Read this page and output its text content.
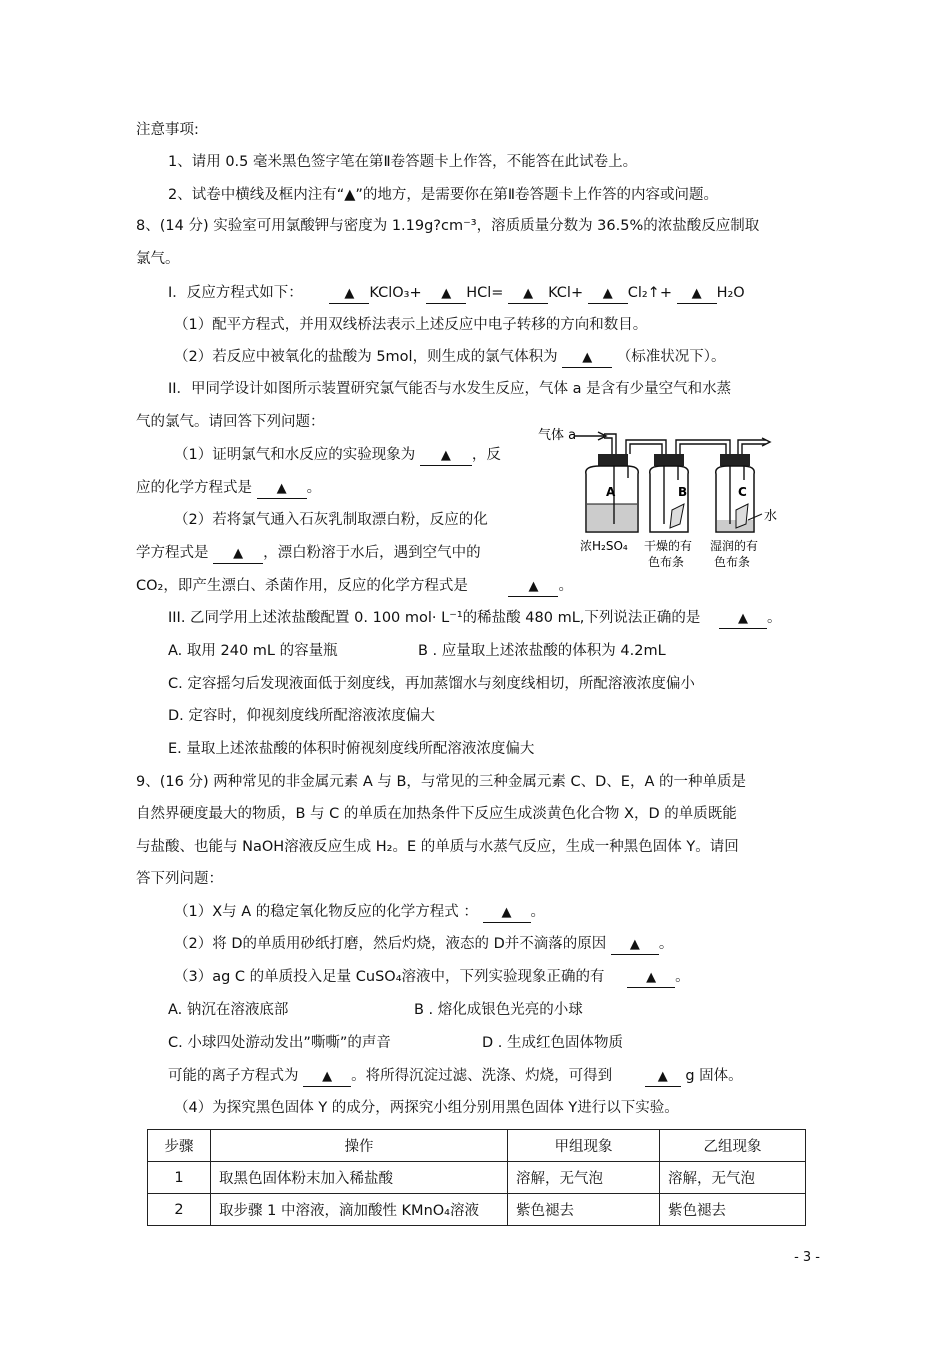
注意事项:
1、请用 0.5 毫米黑色签字笔在第Ⅱ卷答题卡上作答，不能答在此试卷上。
2、试卷中横线及框内注有“▲”的地方，是需要你在第Ⅱ卷答题卡上作答的内容或问题。
8、(14 分) 实验室可用氯酸钾与密度为 1.19g?cm⁻³，溶质质量分数为 36.5%的浓盐酸反应制取
氯气。
I．反应方程式如下：	▲ KClO₃+ ▲ HCl= ▲ KCl+ ▲ Cl₂↑+ ▲ H₂O
（1）配平方程式，并用双线桥法表示上述反应中电子转移的方向和数目。
（2）若反应中被氧化的盐酸为 5mol，则生成的氯气体积为 ▲ （标准状况下）。
II．甲同学设计如图所示装置研究氯气能否与水发生反应，气体 a 是含有少量空气和水蒸
气的氯气。请回答下列问题：
（1）证明氯气和水反应的实验现象为 ▲ ，反
应的化学方程式是 ▲ 。
（2）若将氯气通入石灰乳制取漂白粉，反应的化
学方程式是 ▲ ，漂白粉溶于水后，遇到空气中的
CO₂，即产生漂白、杀菌作用，反应的化学方程式是	▲ 。
气体 a
A	B	C
水
浓H₂SO₄ 干燥的有
色布条
湿润的有
色布条
III. 乙同学用上述浓盐酸配置 0. 100 mol· L⁻¹的稀盐酸 480 mL,下列说法正确的是	▲ 。
A. 取用 240 mL 的容量瓶	B . 应量取上述浓盐酸的体积为 4.2mL
C. 定容摇匀后发现液面低于刻度线，再加蒸馏水与刻度线相切，所配溶液浓度偏小
D. 定容时，仰视刻度线所配溶液浓度偏大
E. 量取上述浓盐酸的体积时俯视刻度线所配溶液浓度偏大
9、(16 分) 两种常见的非金属元素 A 与 B，与常见的三种金属元素 C、D、E，A 的一种单质是
自然界硬度最大的物质，B 与 C 的单质在加热条件下反应生成淡黄色化合物 X，D 的单质既能
与盐酸、也能与 NaOH溶液反应生成 H₂。E 的单质与水蒸气反应，生成一种黑色固体 Y。请回
答下列问题：
（1）X与 A 的稳定氧化物反应的化学方程式 ： ▲ 。
（2）将 D的单质用砂纸打磨，然后灼烧，液态的 D并不滴落的原因 ▲ 。
（3）ag C 的单质投入足量 CuSO₄溶液中，下列实验现象正确的有	▲ 。
A. 钠沉在溶液底部	B . 熔化成银色光亮的小球
C. 小球四处游动发出”嘶嘶”的声音	D . 生成红色固体物质
可能的离子方程式为 ▲ 。将所得沉淀过滤、洗涤、灼烧，可得到	▲ g 固体。
（4）为探究黑色固体 Y 的成分，两探究小组分别用黑色固体 Y进行以下实验。
步骤	操作	甲组现象	乙组现象
1	取黑色固体粉末加入稀盐酸	溶解，无气泡	溶解，无气泡
2	取步骤 1 中溶液，滴加酸性 KMnO₄溶液	紫色褪去	紫色褪去
- 3 -
